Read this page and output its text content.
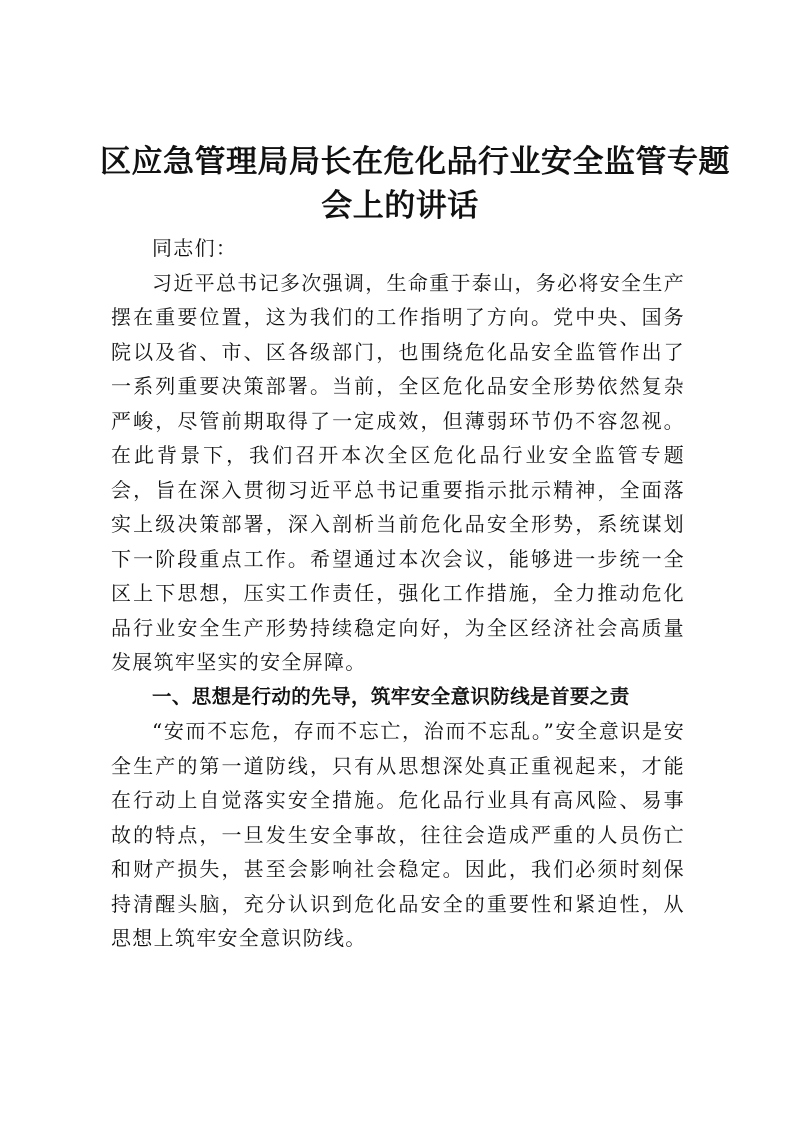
区应急管理局局长在危化品行业安全监管专题
会上的讲话

同志们：

习近平总书记多次强调，生命重于泰山，务必将安全生产摆在重要位置，这为我们的工作指明了方向。党中央、国务院以及省、市、区各级部门，也围绕危化品安全监管作出了一系列重要决策部署。当前，全区危化品安全形势依然复杂严峻，尽管前期取得了一定成效，但薄弱环节仍不容忽视。在此背景下，我们召开本次全区危化品行业安全监管专题会，旨在深入贯彻习近平总书记重要指示批示精神，全面落实上级决策部署，深入剖析当前危化品安全形势，系统谋划下一阶段重点工作。希望通过本次会议，能够进一步统一全区上下思想，压实工作责任，强化工作措施，全力推动危化品行业安全生产形势持续稳定向好，为全区经济社会高质量发展筑牢坚实的安全屏障。

一、思想是行动的先导，筑牢安全意识防线是首要之责

“安而不忘危，存而不忘亡，治而不忘乱。”安全意识是安全生产的第一道防线，只有从思想深处真正重视起来，才能在行动上自觉落实安全措施。危化品行业具有高风险、易事故的特点，一旦发生安全事故，往往会造成严重的人员伤亡和财产损失，甚至会影响社会稳定。因此，我们必须时刻保持清醒头脑，充分认识到危化品安全的重要性和紧迫性，从思想上筑牢安全意识防线。
